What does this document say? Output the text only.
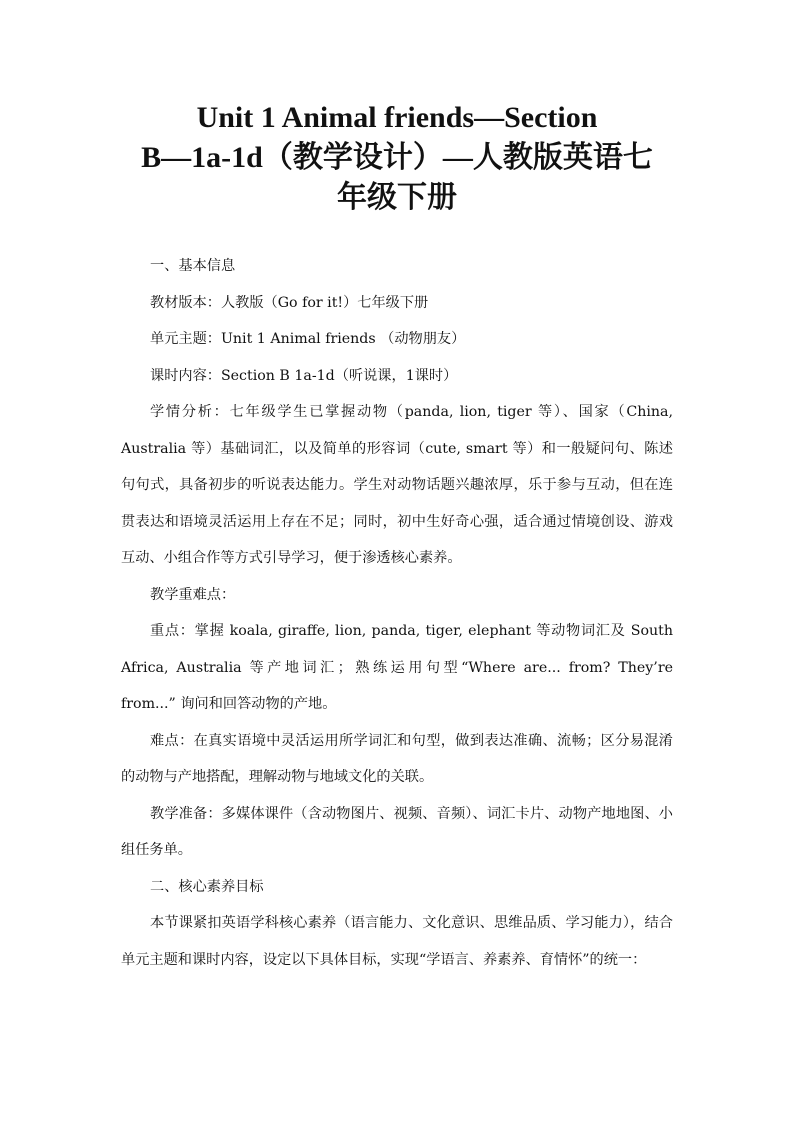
Unit 1 Animal friends—Section
B—1a-1d（教学设计）—人教版英语七
年级下册

一、基本信息

教材版本：人教版（Go for it!）七年级下册

单元主题：Unit 1 Animal friends （动物朋友）

课时内容：Section B 1a-1d（听说课，1课时）

学情分析：七年级学生已掌握动物（panda, lion, tiger 等）、国家（China, Australia 等）基础词汇，以及简单的形容词（cute, smart 等）和一般疑问句、陈述句句式，具备初步的听说表达能力。学生对动物话题兴趣浓厚，乐于参与互动，但在连贯表达和语境灵活运用上存在不足；同时，初中生好奇心强，适合通过情境创设、游戏互动、小组合作等方式引导学习，便于渗透核心素养。

教学重难点：

重点：掌握 koala, giraffe, lion, panda, tiger, elephant 等动物词汇及 South Africa, Australia 等产地词汇；熟练运用句型“Where are... from? They’re from...” 询问和回答动物的产地。

难点：在真实语境中灵活运用所学词汇和句型，做到表达准确、流畅；区分易混淆的动物与产地搭配，理解动物与地域文化的关联。

教学准备：多媒体课件（含动物图片、视频、音频）、词汇卡片、动物产地地图、小组任务单。

二、核心素养目标

本节课紧扣英语学科核心素养（语言能力、文化意识、思维品质、学习能力），结合单元主题和课时内容，设定以下具体目标，实现“学语言、养素养、育情怀”的统一：
